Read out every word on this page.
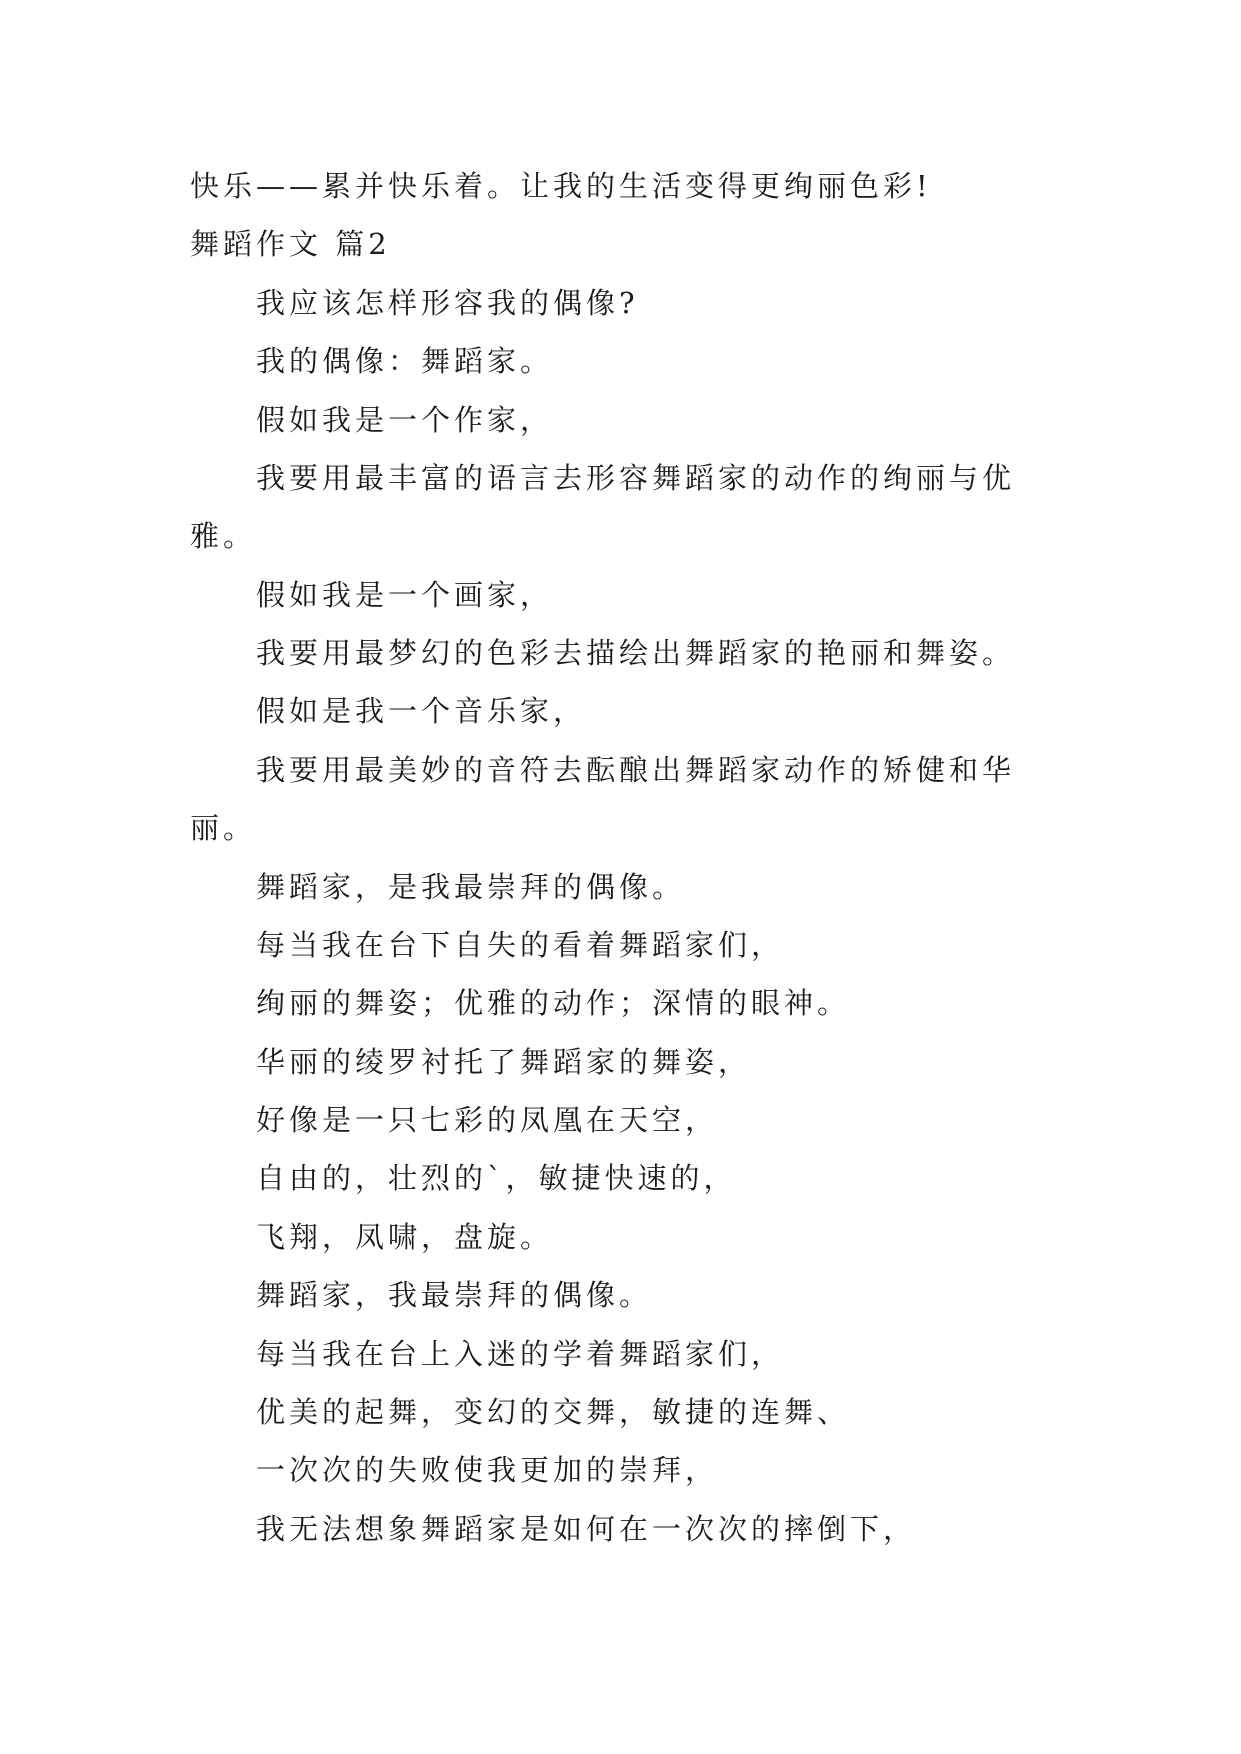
快乐——累并快乐着。让我的生活变得更绚丽色彩!
舞蹈作文 篇2
我应该怎样形容我的偶像?
我的偶像：舞蹈家。
假如我是一个作家，
我要用最丰富的语言去形容舞蹈家的动作的绚丽与优
雅。
假如我是一个画家，
我要用最梦幻的色彩去描绘出舞蹈家的艳丽和舞姿。
假如是我一个音乐家，
我要用最美妙的音符去酝酿出舞蹈家动作的矫健和华
丽。
舞蹈家，是我最崇拜的偶像。
每当我在台下自失的看着舞蹈家们，
绚丽的舞姿；优雅的动作；深情的眼神。
华丽的绫罗衬托了舞蹈家的舞姿，
好像是一只七彩的凤凰在天空，
自由的，壮烈的`，敏捷快速的，
飞翔，凤啸，盘旋。
舞蹈家，我最崇拜的偶像。
每当我在台上入迷的学着舞蹈家们，
优美的起舞，变幻的交舞，敏捷的连舞、
一次次的失败使我更加的崇拜，
我无法想象舞蹈家是如何在一次次的摔倒下，
